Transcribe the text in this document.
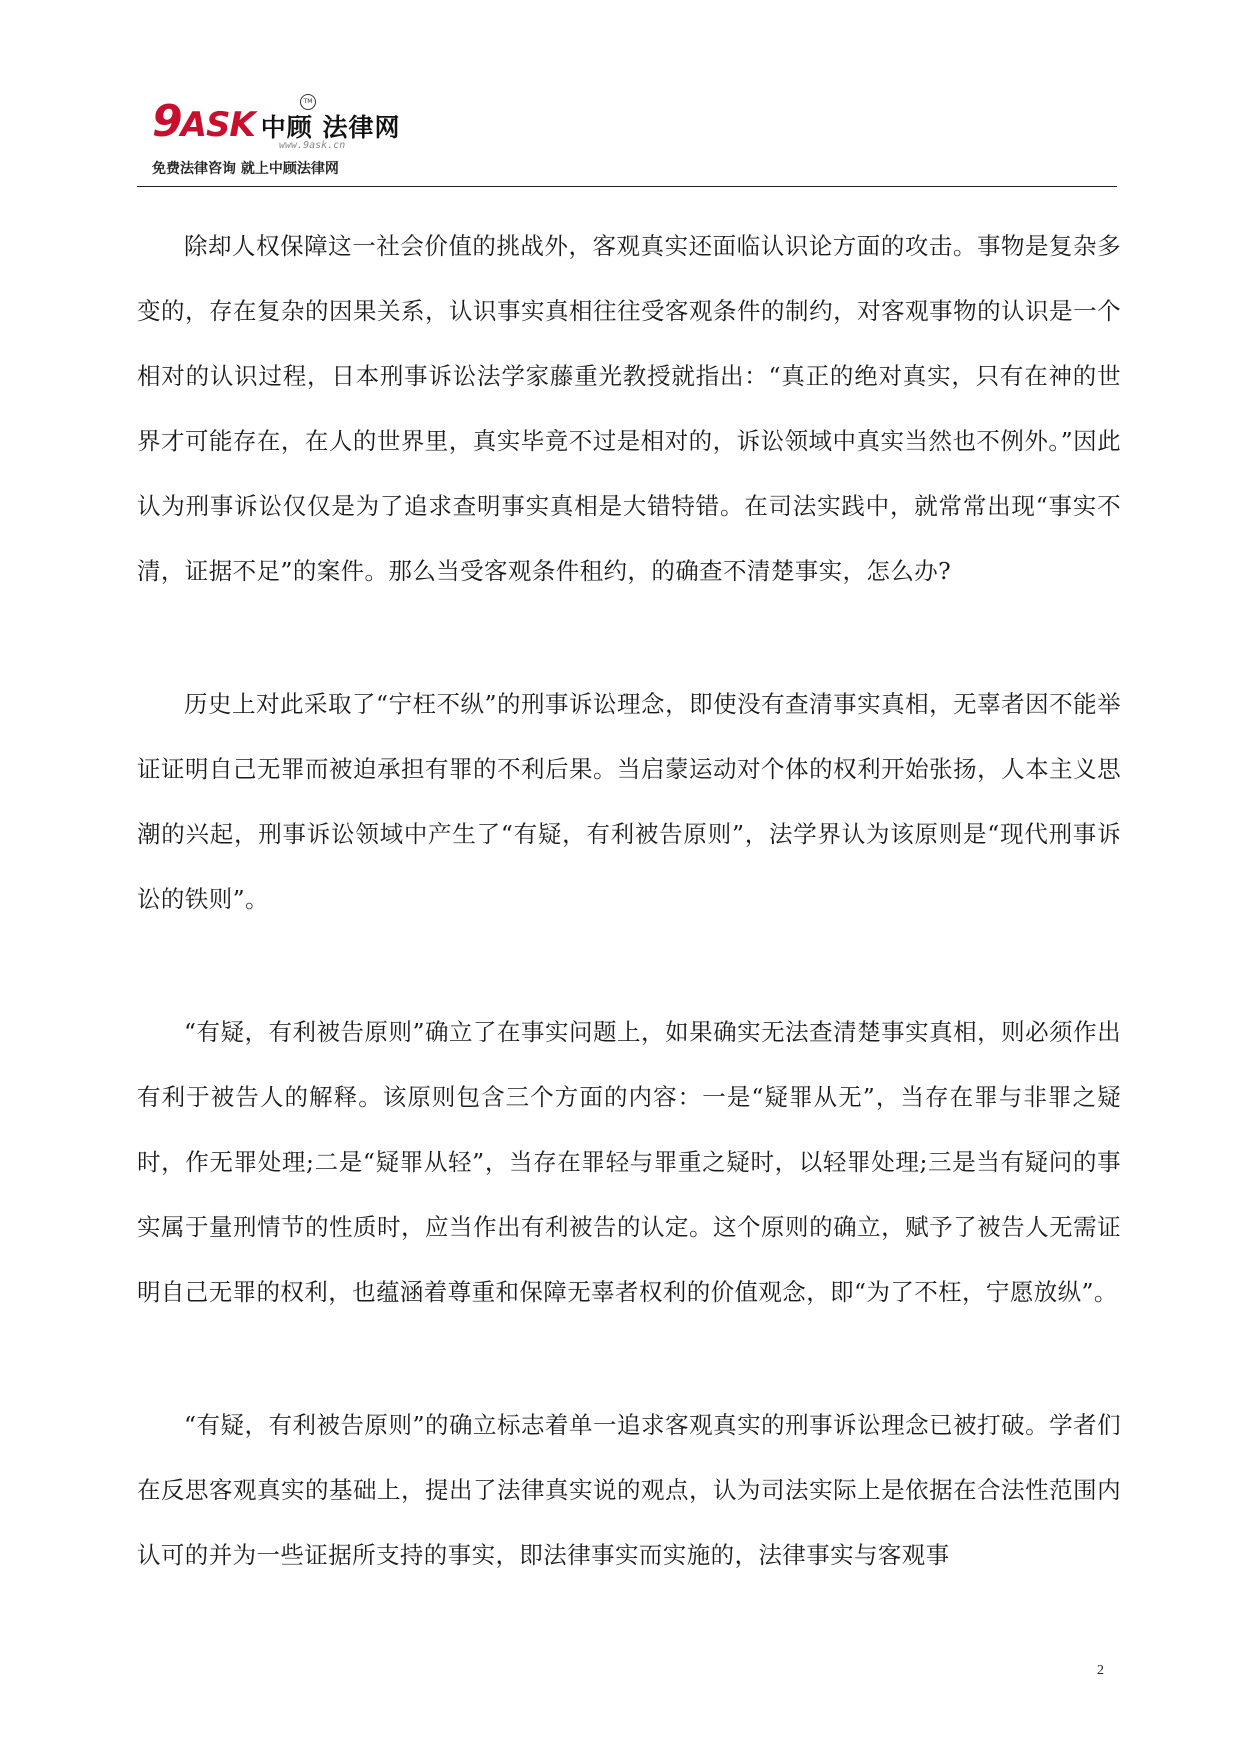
9ASK 中顾 法律网
TM
www.9ask.cn
免费法律咨询 就上中顾法律网

除却人权保障这一社会价值的挑战外，客观真实还面临认识论方面的攻击。事物是复杂多变的，存在复杂的因果关系，认识事实真相往往受客观条件的制约，对客观事物的认识是一个相对的认识过程，日本刑事诉讼法学家藤重光教授就指出：“真正的绝对真实，只有在神的世界才可能存在，在人的世界里，真实毕竟不过是相对的，诉讼领域中真实当然也不例外。”因此认为刑事诉讼仅仅是为了追求查明事实真相是大错特错。在司法实践中，就常常出现“事实不清，证据不足”的案件。那么当受客观条件租约，的确查不清楚事实，怎么办?

历史上对此采取了“宁枉不纵”的刑事诉讼理念，即使没有查清事实真相，无辜者因不能举证证明自己无罪而被迫承担有罪的不利后果。当启蒙运动对个体的权利开始张扬，人本主义思潮的兴起，刑事诉讼领域中产生了“有疑，有利被告原则”，法学界认为该原则是“现代刑事诉讼的铁则”。

“有疑，有利被告原则”确立了在事实问题上，如果确实无法查清楚事实真相，则必须作出有利于被告人的解释。该原则包含三个方面的内容：一是“疑罪从无”，当存在罪与非罪之疑时，作无罪处理;二是“疑罪从轻”，当存在罪轻与罪重之疑时，以轻罪处理;三是当有疑问的事实属于量刑情节的性质时，应当作出有利被告的认定。这个原则的确立，赋予了被告人无需证明自己无罪的权利，也蕴涵着尊重和保障无辜者权利的价值观念，即“为了不枉，宁愿放纵”。

“有疑，有利被告原则”的确立标志着单一追求客观真实的刑事诉讼理念已被打破。学者们在反思客观真实的基础上，提出了法律真实说的观点，认为司法实际上是依据在合法性范围内认可的并为一些证据所支持的事实，即法律事实而实施的，法律事实与客观事

2
